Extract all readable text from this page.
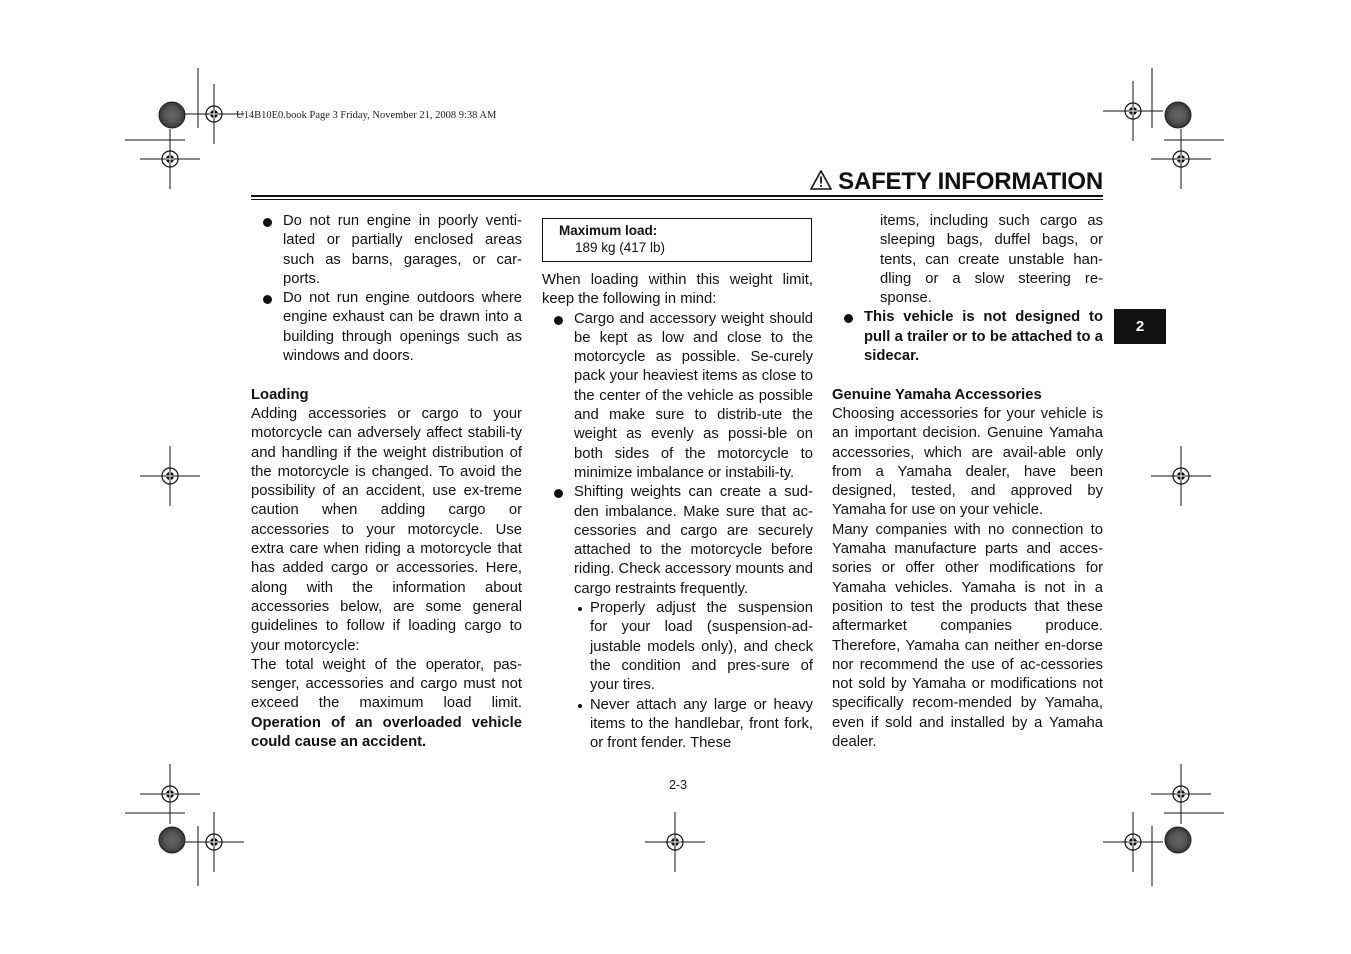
U14B10E0.book Page 3 Friday, November 21, 2008 9:38 AM
SAFETY INFORMATION
2
Do not run engine in poorly venti-lated or partially enclosed areas such as barns, garages, or car-ports.
Do not run engine outdoors where engine exhaust can be drawn into a building through openings such as windows and doors.
Loading

Adding accessories or cargo to your motorcycle can adversely affect stabili-ty and handling if the weight distribution of the motorcycle is changed. To avoid the possibility of an accident, use ex-treme caution when adding cargo or accessories to your motorcycle. Use extra care when riding a motorcycle that has added cargo or accessories. Here, along with the information about accessories below, are some general guidelines to follow if loading cargo to your motorcycle:

The total weight of the operator, pas-senger, accessories and cargo must not exceed the maximum load limit. Operation of an overloaded vehicle could cause an accident.

Maximum load:
189 kg (417 lb)

When loading within this weight limit, keep the following in mind:

Cargo and accessory weight should be kept as low and close to the motorcycle as possible. Se-curely pack your heaviest items as close to the center of the vehicle as possible and make sure to distrib-ute the weight as evenly as possi-ble on both sides of the motorcycle to minimize imbalance or instabili-ty.
Shifting weights can create a sud-den imbalance. Make sure that ac-cessories and cargo are securely attached to the motorcycle before riding. Check accessory mounts and cargo restraints frequently.
Properly adjust the suspension for your load (suspension-ad-justable models only), and check the condition and pres-sure of your tires.
Never attach any large or heavy items to the handlebar, front fork, or front fender. These
items, including such cargo as sleeping bags, duffel bags, or tents, can create unstable han-dling or a slow steering re-sponse.
This vehicle is not designed to pull a trailer or to be attached to a sidecar.
Genuine Yamaha Accessories

Choosing accessories for your vehicle is an important decision. Genuine Yamaha accessories, which are avail-able only from a Yamaha dealer, have been designed, tested, and approved by Yamaha for use on your vehicle.

Many companies with no connection to Yamaha manufacture parts and acces-sories or offer other modifications for Yamaha vehicles. Yamaha is not in a position to test the products that these aftermarket companies produce. Therefore, Yamaha can neither en-dorse nor recommend the use of ac-cessories not sold by Yamaha or modifications not specifically recom-mended by Yamaha, even if sold and installed by a Yamaha dealer.

2-3
